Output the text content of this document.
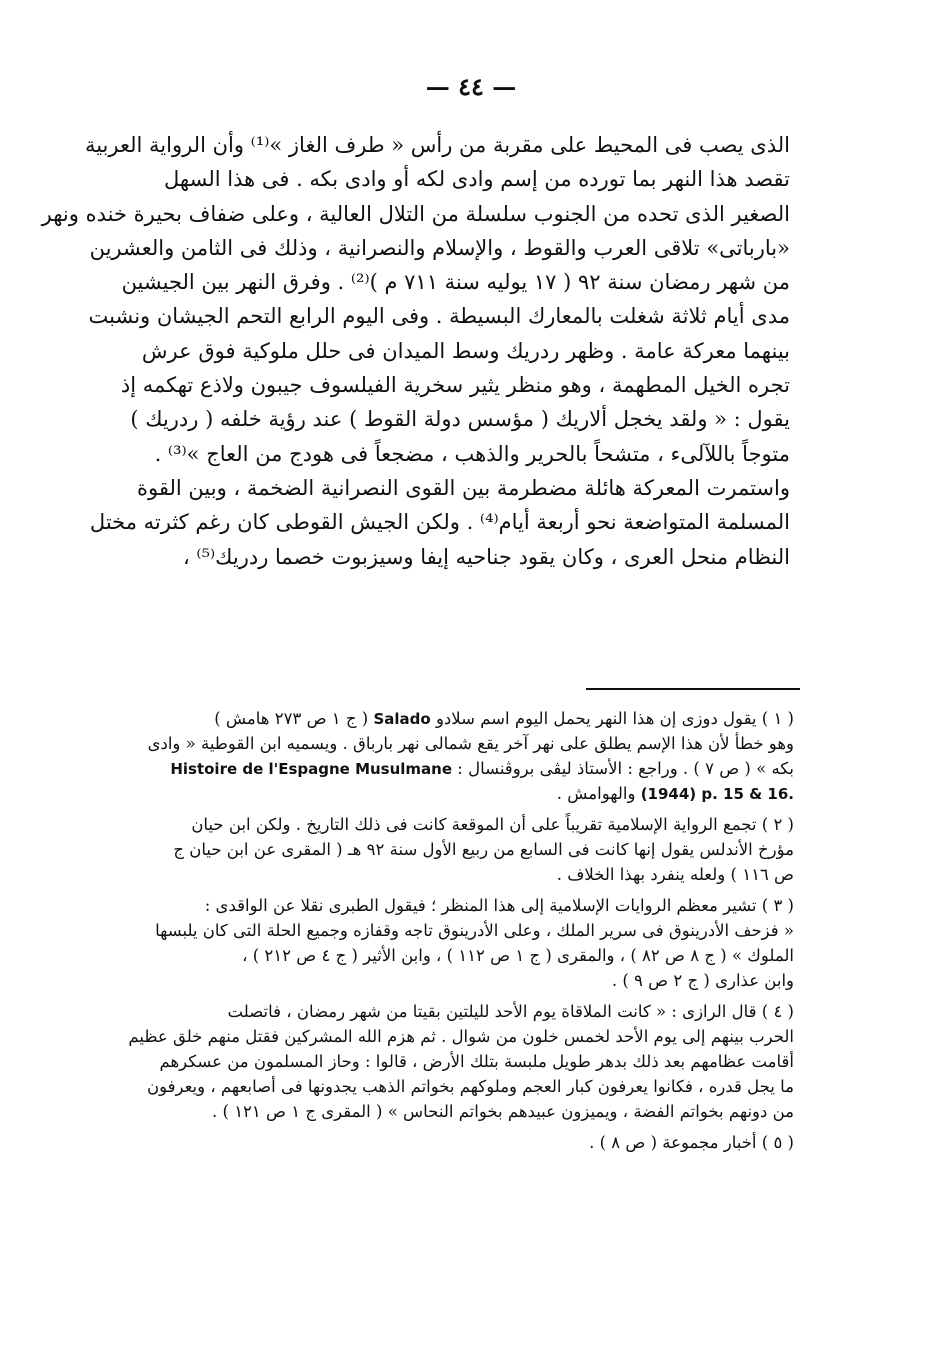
— ٤٤ —
الذى يصب فى المحيط على مقربة من رأس « طرف الغاز »⁽¹⁾ وأن الرواية العربية
تقصد هذا النهر بما تورده من إسم وادى لكه أو وادى بكه . فى هذا السهل
الصغير الذى تحده من الجنوب سلسلة من التلال العالية ، وعلى ضفاف بحيرة خنده ونهر
«بارباتى» تلاقى العرب والقوط ، والإسلام والنصرانية ، وذلك فى الثامن والعشرين
من شهر رمضان سنة ٩٢ ( ١٧ يوليه سنة ٧١١ م )⁽²⁾ . وفرق النهر بين الجيشين
مدى أيام ثلاثة شغلت بالمعارك البسيطة . وفى اليوم الرابع التحم الجيشان ونشبت
بينهما معركة عامة . وظهر ردريك وسط الميدان فى حلل ملوكية فوق عرش
تجره الخيل المطهمة ، وهو منظر يثير سخرية الفيلسوف جيبون ولاذع تهكمه إذ
يقول : « ولقد يخجل ألاريك ( مؤسس دولة القوط ) عند رؤية خلفه ( ردريك )
متوجاً باللآلىء ، متشحاً بالحرير والذهب ، مضجعاً فى هودج من العاج »⁽³⁾ .
واستمرت المعركة هائلة مضطرمة بين القوى النصرانية الضخمة ، وبين القوة
المسلمة المتواضعة نحو أربعة أيام⁽⁴⁾ . ولكن الجيش القوطى كان رغم كثرته مختل
النظام منحل العرى ، وكان يقود جناحيه إيفا وسيزبوت خصما ردريك⁽⁵⁾ ،
( ١ ) يقول دوزى إن هذا النهر يحمل اليوم اسم سلادو Salado ( ج ١ ص ٢٧٣ هامش )
وهو خطأ لأن هذا الإسم يطلق على نهر آخر يقع شمالى نهر بارباق . ويسميه ابن القوطية « وادى
بكه » ( ص ٧ ) . وراجع : الأستاذ ليڤى بروڤنسال : Histoire de l'Espagne Musulmane
(1944) p. 15 & 16. والهوامش .
( ٢ ) تجمع الرواية الإسلامية تقريباً على أن الموقعة كانت فى ذلك التاريخ . ولكن ابن حيان
مؤرخ الأندلس يقول إنها كانت فى السابع من ربيع الأول سنة ٩٢ هـ ( المقرى عن ابن حيان ج
ص ١١٦ ) ولعله ينفرد بهذا الخلاف .
( ٣ ) تشير معظم الروايات الإسلامية إلى هذا المنظر ؛ فيقول الطبرى نقلا عن الواقدى :
« فزحف الأدرينوق فى سرير الملك ، وعلى الأدرينوق تاجه وقفازه وجميع الحلة التى كان يلبسها
الملوك » ( ج ٨ ص ٨٢ ) ، والمقرى ( ج ١ ص ١١٢ ) ، وابن الأثير ( ج ٤ ص ٢١٢ ) ،
وابن عذارى ( ج ٢ ص ٩ ) .
( ٤ ) قال الرازى : « كانت الملاقاة يوم الأحد لليلتين بقيتا من شهر رمضان ، فاتصلت
الحرب بينهم إلى يوم الأحد لخمس خلون من شوال . ثم هزم الله المشركين فقتل منهم خلق عظيم
أقامت عظامهم بعد ذلك بدهر طويل ملبسة بتلك الأرض ، قالوا : وحاز المسلمون من عسكرهم
ما يجل قدره ، فكانوا يعرفون كبار العجم وملوكهم بخواتم الذهب يجدونها فى أصابعهم ، ويعرفون
من دونهم بخواتم الفضة ، ويميزون عبيدهم بخواتم النحاس » ( المقرى ج ١ ص ١٢١ ) .
( ٥ ) أخبار مجموعة ( ص ٨ ) .
